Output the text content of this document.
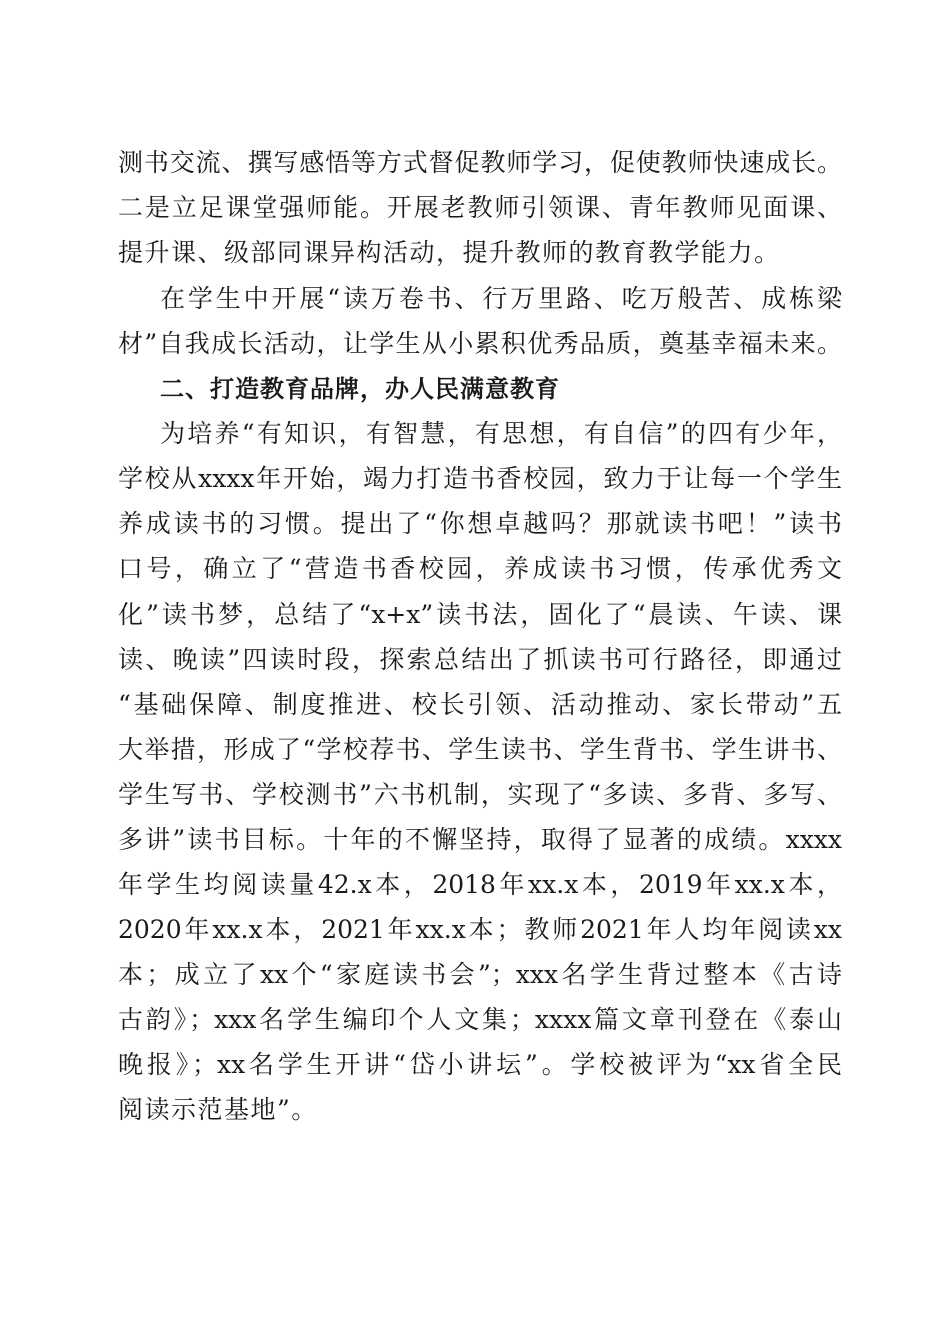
测书交流、撰写感悟等方式督促教师学习，促使教师快速成长。
二是立足课堂强师能。开展老教师引领课、青年教师见面课、
提升课、级部同课异构活动，提升教师的教育教学能力。
在学生中开展“读万卷书、行万里路、吃万般苦、成栋梁
材”自我成长活动，让学生从小累积优秀品质，奠基幸福未来。
二、打造教育品牌，办人民满意教育
为培养“有知识，有智慧，有思想，有自信”的四有少年，
学校从xxxx年开始，竭力打造书香校园，致力于让每一个学生
养成读书的习惯。提出了“你想卓越吗？那就读书吧！”读书
口号，确立了“营造书香校园，养成读书习惯，传承优秀文
化”读书梦，总结了“x+x”读书法，固化了“晨读、午读、课
读、晚读”四读时段，探索总结出了抓读书可行路径，即通过
“基础保障、制度推进、校长引领、活动推动、家长带动”五
大举措，形成了“学校荐书、学生读书、学生背书、学生讲书、
学生写书、学校测书”六书机制，实现了“多读、多背、多写、
多讲”读书目标。十年的不懈坚持，取得了显著的成绩。xxxx
年学生均阅读量42.x本，2018年xx.x本，2019年xx.x本，
2020年xx.x本，2021年xx.x本；教师2021年人均年阅读xx
本；成立了xx个“家庭读书会”；xxx名学生背过整本《古诗
古韵》；xxx名学生编印个人文集；xxxx篇文章刊登在《泰山
晚报》；xx名学生开讲“岱小讲坛”。学校被评为“xx省全民
阅读示范基地”。
